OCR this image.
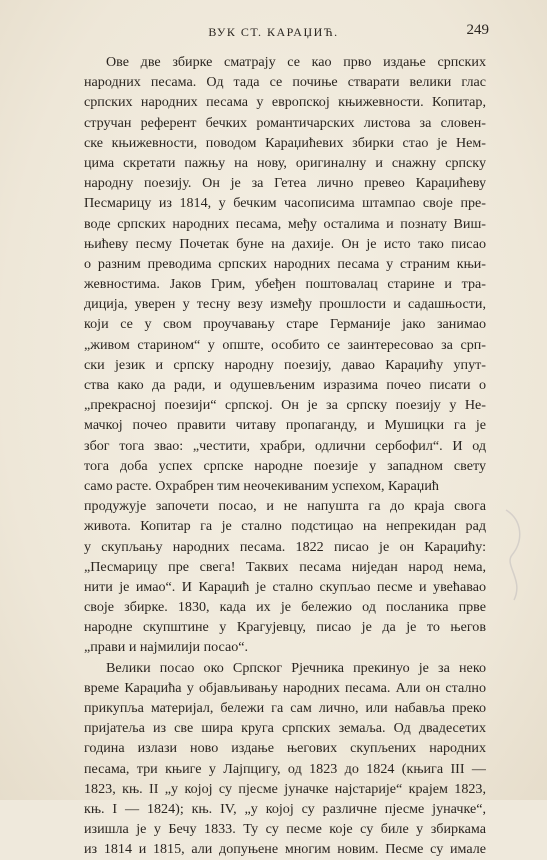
ВУК СТ. КАРАЏИЋ.	249
Ове две збирке сматрају се као прво издање српских
народних песама. Од тада се почиње стварати велики глас
српских народних песама у европској књижевности. Копитар,
стручан референт бечких романтичарских листова за словен-
ске књижевности, поводом Караџићевих збирки стао је Нем-
цима скретати пажњу на нову, оригиналну и снажну српску
народну поезију. Он је за Гетеа лично превео Караџићеву
Песмарицу из 1814, у бечким часописима штампао своје пре-
воде српских народних песама, међу осталима и познату Виш-
њићеву песму Почетак буне на дахије. Он је исто тако писао
о разним преводима српских народних песама у страним књи-
жевностима. Јаков Грим, убеђен поштовалац старине и тра-
диција, уверен у тесну везу између прошлости и садашњости,
који се у свом проучавању старе Германије јако занимао
„живом старином“ у опште, особито се заинтересовао за срп-
ски језик и српску народну поезију, давао Караџићу упут-
ства како да ради, и одушевљеним изразима почео писати о
„прекрасној поезији“ српској. Он је за српску поезију у Не-
мачкој почео правити читаву пропаганду, и Мушицки га је
због тога звао: „честити, храбри, одлични сербофил“. И од
тога доба успех српске народне поезије у западном свету
само расте. Охрабрен тим неочекиваним успехом, Караџић
продужује започети посао, и не напушта га до краја свога
живота. Копитар га је стално подстицао на непрекидан рад
у скупљању народних песама. 1822 писао је он Караџићу:
„Песмарицу пре свега! Таквих песама ниједан народ нема,
нити је имао“. И Караџић је стално скупљао песме и увећавао
своје збирке. 1830, када их је бележио од посланика прве
народне скупштине у Крагујевцу, писао је да је то његов
„прави и најмилији посао“.
Велики посао око Српског Рјечника прекинуо је за неко
време Караџића у објављивању народних песама. Али он стално
прикупља материјал, бележи га сам лично, или набавља преко
пријатеља из све шира круга српских земаља. Од двадесетих
година излази ново издање његових скупљених народних
песама, три књиге у Лајпцигу, од 1823 до 1824 (књига III —
1823, књ. II „у којој су пјесме јуначке најстарије“ крајем 1823,
књ. I — 1824); књ. IV, „у којој су различне пјесме јуначке“,
изишла је у Бечу 1833. Ту су песме које су биле у збиркама
из 1814 и 1815, али допуњене многим новим. Песме су имале
